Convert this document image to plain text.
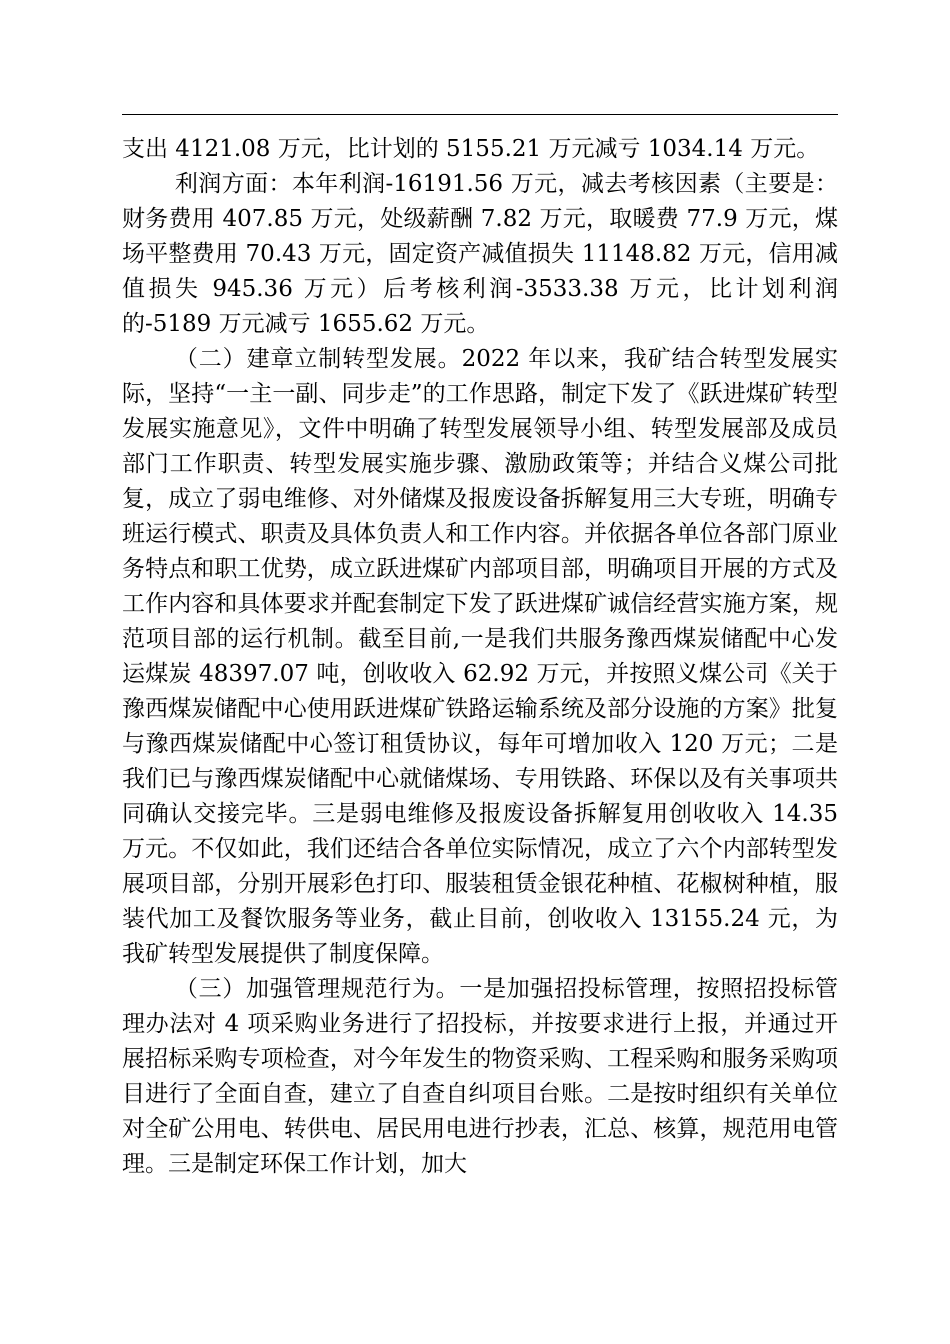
支出 4121.08 万元，比计划的 5155.21 万元减亏 1034.14 万元。

利润方面：本年利润-16191.56 万元，减去考核因素（主要是：财务费用 407.85 万元，处级薪酬 7.82 万元，取暖费 77.9 万元，煤场平整费用 70.43 万元，固定资产减值损失 11148.82 万元，信用减值损失 945.36 万元）后考核利润-3533.38 万元，比计划利润的-5189 万元减亏 1655.62 万元。

（二）建章立制转型发展。2022 年以来，我矿结合转型发展实际，坚持“一主一副、同步走”的工作思路，制定下发了《跃进煤矿转型发展实施意见》，文件中明确了转型发展领导小组、转型发展部及成员部门工作职责、转型发展实施步骤、激励政策等；并结合义煤公司批复，成立了弱电维修、对外储煤及报废设备拆解复用三大专班，明确专班运行模式、职责及具体负责人和工作内容。并依据各单位各部门原业务特点和职工优势，成立跃进煤矿内部项目部，明确项目开展的方式及工作内容和具体要求并配套制定下发了跃进煤矿诚信经营实施方案，规范项目部的运行机制。截至目前,一是我们共服务豫西煤炭储配中心发运煤炭 48397.07 吨，创收收入 62.92 万元，并按照义煤公司《关于豫西煤炭储配中心使用跃进煤矿铁路运输系统及部分设施的方案》批复与豫西煤炭储配中心签订租赁协议，每年可增加收入 120 万元；二是我们已与豫西煤炭储配中心就储煤场、专用铁路、环保以及有关事项共同确认交接完毕。三是弱电维修及报废设备拆解复用创收收入 14.35 万元。不仅如此，我们还结合各单位实际情况，成立了六个内部转型发展项目部，分别开展彩色打印、服装租赁金银花种植、花椒树种植，服装代加工及餐饮服务等业务，截止目前，创收收入 13155.24 元，为我矿转型发展提供了制度保障。

（三）加强管理规范行为。一是加强招投标管理，按照招投标管理办法对 4 项采购业务进行了招投标，并按要求进行上报，并通过开展招标采购专项检查，对今年发生的物资采购、工程采购和服务采购项目进行了全面自查，建立了自查自纠项目台账。二是按时组织有关单位对全矿公用电、转供电、居民用电进行抄表，汇总、核算，规范用电管理。三是制定环保工作计划，加大
